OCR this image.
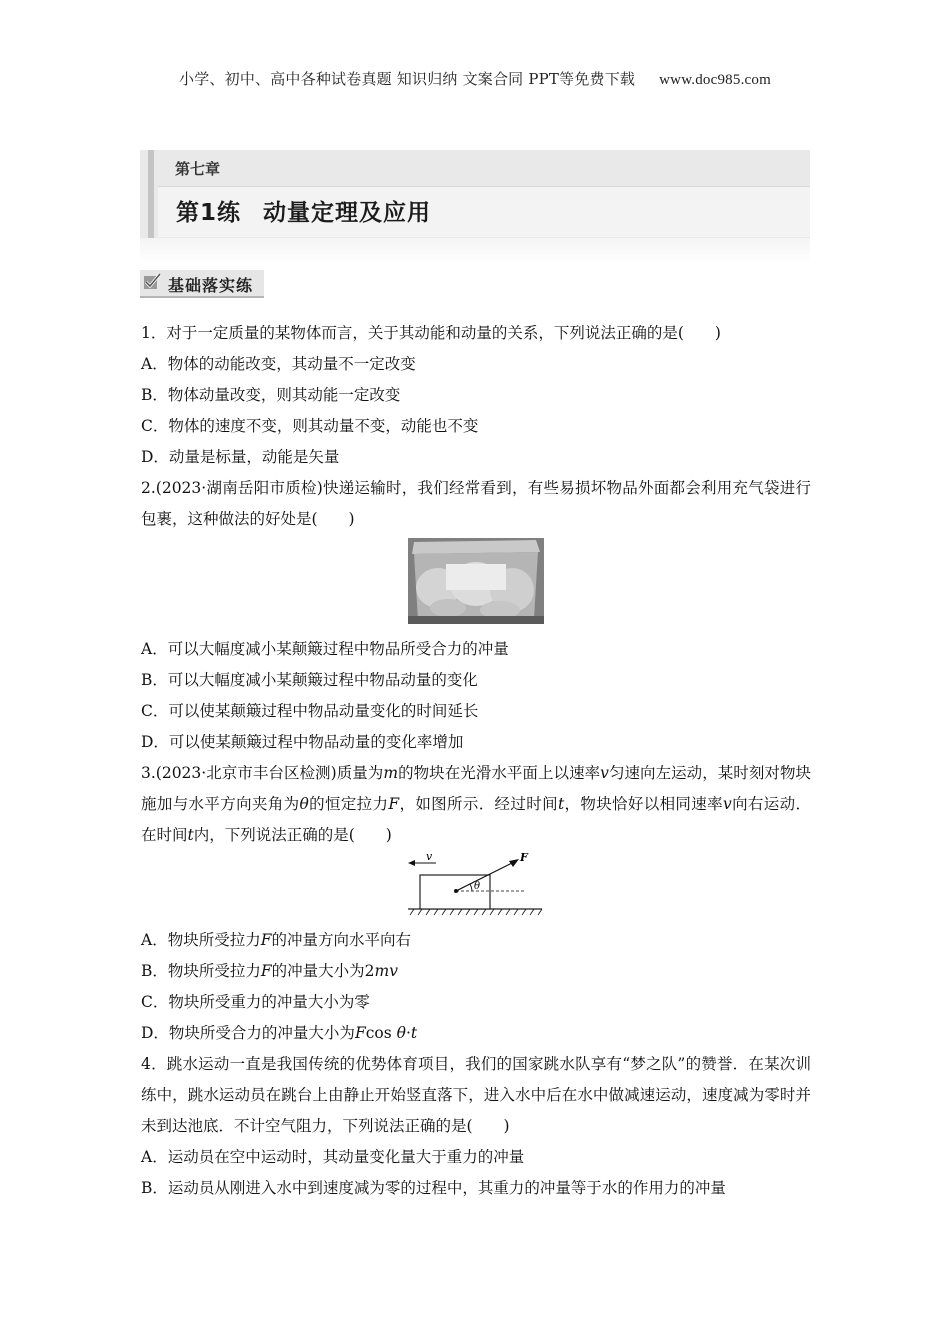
小学、初中、高中各种试卷真题 知识归纳 文案合同 PPT等免费下载 www.doc985.com
第七章
第1练 动量定理及应用
基础落实练

1．对于一定质量的某物体而言，关于其动能和动量的关系，下列说法正确的是(　　)

A．物体的动能改变，其动量不一定改变

B．物体动量改变，则其动能一定改变

C．物体的速度不变，则其动量不变，动能也不变

D．动量是标量，动能是矢量

2.(2023·湖南岳阳市质检)快递运输时，我们经常看到，有些易损坏物品外面都会利用充气袋进行包裹，这种做法的好处是(　　)

A．可以大幅度减小某颠簸过程中物品所受合力的冲量

B．可以大幅度减小某颠簸过程中物品动量的变化

C．可以使某颠簸过程中物品动量变化的时间延长

D．可以使某颠簸过程中物品动量的变化率增加

3.(2023·北京市丰台区检测)质量为m的物块在光滑水平面上以速率v匀速向左运动，某时刻对物块施加与水平方向夹角为θ的恒定拉力F，如图所示．经过时间t，物块恰好以相同速率v向右运动．在时间t内，下列说法正确的是(　　)

v	F
θ

A．物块所受拉力F的冲量方向水平向右

B．物块所受拉力F的冲量大小为2mv

C．物块所受重力的冲量大小为零

D．物块所受合力的冲量大小为Fcos θ·t

4．跳水运动一直是我国传统的优势体育项目，我们的国家跳水队享有“梦之队”的赞誉．在某次训练中，跳水运动员在跳台上由静止开始竖直落下，进入水中后在水中做减速运动，速度减为零时并未到达池底．不计空气阻力，下列说法正确的是(　　)

A．运动员在空中运动时，其动量变化量大于重力的冲量

B．运动员从刚进入水中到速度减为零的过程中，其重力的冲量等于水的作用力的冲量
